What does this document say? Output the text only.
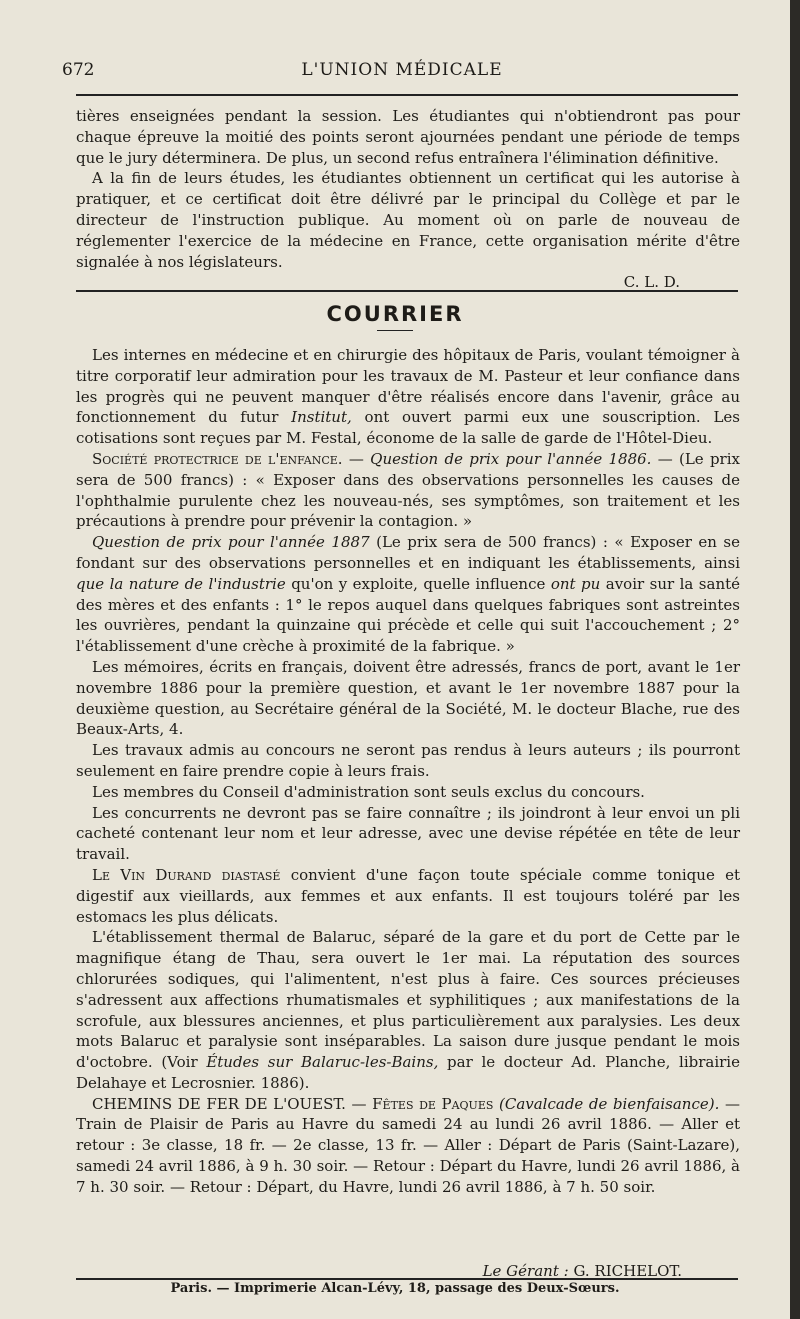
672	L'UNION MÉDICALE

tières enseignées pendant la session. Les étudiantes qui n'obtiendront pas pour chaque épreuve la moitié des points seront ajournées pendant une période de temps que le jury déterminera. De plus, un second refus entraînera l'élimination définitive.

A la fin de leurs études, les étudiantes obtiennent un certificat qui les autorise à pratiquer, et ce certificat doit être délivré par le principal du Collège et par le directeur de l'instruction publique. Au moment où on parle de nouveau de réglementer l'exercice de la médecine en France, cette organisation mérite d'être signalée à nos législateurs.

C. L. D.

COURRIER

Les internes en médecine et en chirurgie des hôpitaux de Paris, voulant témoigner à titre corporatif leur admiration pour les travaux de M. Pasteur et leur confiance dans les progrès qui ne peuvent manquer d'être réalisés encore dans l'avenir, grâce au fonctionnement du futur Institut, ont ouvert parmi eux une souscription. Les cotisations sont reçues par M. Festal, économe de la salle de garde de l'Hôtel-Dieu.

Société protectrice de l'enfance. — Question de prix pour l'année 1886. — (Le prix sera de 500 francs) : « Exposer dans des observations personnelles les causes de l'ophthalmie purulente chez les nouveau-nés, ses symptômes, son traitement et les précautions à prendre pour prévenir la contagion. »

Question de prix pour l'année 1887 (Le prix sera de 500 francs) : « Exposer en se fondant sur des observations personnelles et en indiquant les établissements, ainsi que la nature de l'industrie qu'on y exploite, quelle influence ont pu avoir sur la santé des mères et des enfants : 1° le repos auquel dans quelques fabriques sont astreintes les ouvrières, pendant la quinzaine qui précède et celle qui suit l'accouchement ; 2° l'établissement d'une crèche à proximité de la fabrique. »

Les mémoires, écrits en français, doivent être adressés, francs de port, avant le 1er novembre 1886 pour la première question, et avant le 1er novembre 1887 pour la deuxième question, au Secrétaire général de la Société, M. le docteur Blache, rue des Beaux-Arts, 4.

Les travaux admis au concours ne seront pas rendus à leurs auteurs ; ils pourront seulement en faire prendre copie à leurs frais.

Les membres du Conseil d'administration sont seuls exclus du concours.

Les concurrents ne devront pas se faire connaître ; ils joindront à leur envoi un pli cacheté contenant leur nom et leur adresse, avec une devise répétée en tête de leur travail.

Le Vin Durand diastasé convient d'une façon toute spéciale comme tonique et digestif aux vieillards, aux femmes et aux enfants. Il est toujours toléré par les estomacs les plus délicats.

L'établissement thermal de Balaruc, séparé de la gare et du port de Cette par le magnifique étang de Thau, sera ouvert le 1er mai. La réputation des sources chlorurées sodiques, qui l'alimentent, n'est plus à faire. Ces sources précieuses s'adressent aux affections rhumatismales et syphilitiques ; aux manifestations de la scrofule, aux blessures anciennes, et plus particulièrement aux paralysies. Les deux mots Balaruc et paralysie sont inséparables. La saison dure jusque pendant le mois d'octobre. (Voir Études sur Balaruc-les-Bains, par le docteur Ad. Planche, librairie Delahaye et Lecrosnier. 1886).

CHEMINS DE FER DE L'OUEST. — Fêtes de Paques (Cavalcade de bienfaisance). — Train de Plaisir de Paris au Havre du samedi 24 au lundi 26 avril 1886. — Aller et retour : 3e classe, 18 fr. — 2e classe, 13 fr. — Aller : Départ de Paris (Saint-Lazare), samedi 24 avril 1886, à 9 h. 30 soir. — Retour : Départ du Havre, lundi 26 avril 1886, à 7 h. 30 soir. — Retour : Départ, du Havre, lundi 26 avril 1886, à 7 h. 50 soir.

Le Gérant : G. RICHELOT.
Paris. — Imprimerie Alcan-Lévy, 18, passage des Deux-Sœurs.
